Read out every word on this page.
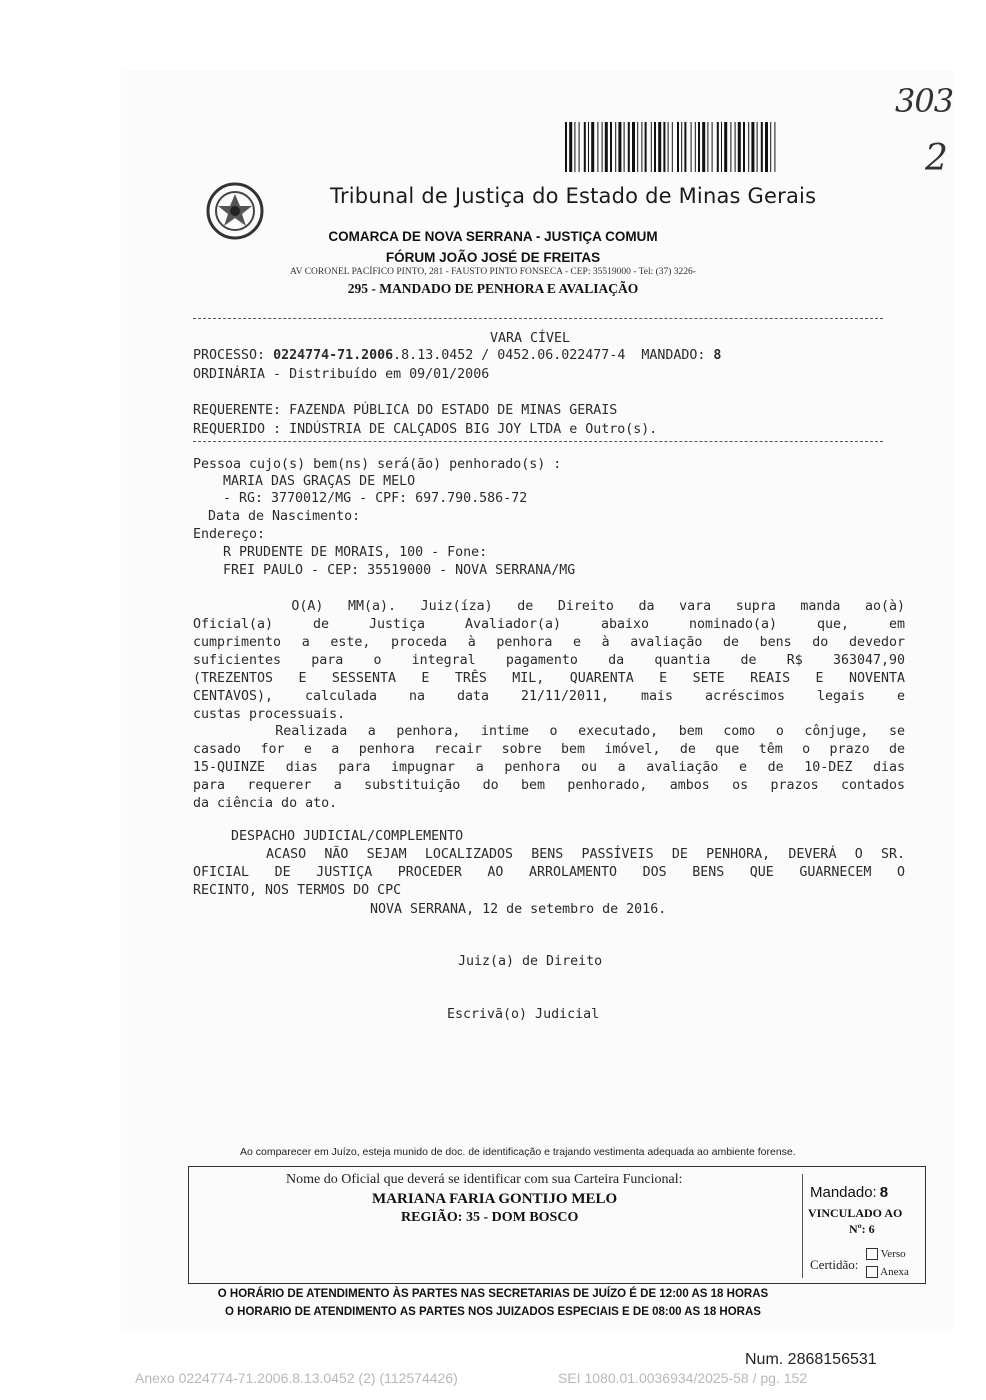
303
2
Tribunal de Justiça do Estado de Minas Gerais
COMARCA DE NOVA SERRANA - JUSTIÇA COMUM
FÓRUM JOÃO JOSÉ DE FREITAS
AV CORONEL PACÍFICO PINTO, 281 - FAUSTO PINTO FONSECA - CEP: 35519000 - Tel: (37) 3226-
295 - MANDADO DE PENHORA E AVALIAÇÃO
VARA CÍVEL
PROCESSO: 0224774-71.2006.8.13.0452 / 0452.06.022477-4 MANDADO: 8
ORDINÁRIA - Distribuído em 09/01/2006
REQUERENTE: FAZENDA PÚBLICA DO ESTADO DE MINAS GERAIS
REQUERIDO : INDÚSTRIA DE CALÇADOS BIG JOY LTDA e Outro(s).
Pessoa cujo(s) bem(ns) será(ão) penhorado(s) :
MARIA DAS GRAÇAS DE MELO
- RG: 3770012/MG - CPF: 697.790.586-72
Data de Nascimento:
Endereço:
R PRUDENTE DE MORAIS, 100 - Fone:
FREI PAULO - CEP: 35519000 - NOVA SERRANA/MG
O(A) MM(a). Juiz(íza) de Direito da vara supra manda ao(à)
Oficial(a) de Justiça Avaliador(a) abaixo nominado(a) que, em
cumprimento a este, proceda à penhora e à avaliação de bens do devedor
suficientes para o integral pagamento da quantia de R$ 363047,90
(TREZENTOS E SESSENTA E TRÊS MIL, QUARENTA E SETE REAIS E NOVENTA
CENTAVOS), calculada na data 21/11/2011, mais acréscimos legais e
custas processuais.
Realizada a penhora, intime o executado, bem como o cônjuge, se
casado for e a penhora recair sobre bem imóvel, de que têm o prazo de
15-QUINZE dias para impugnar a penhora ou a avaliação e de 10-DEZ dias
para requerer a substituição do bem penhorado, ambos os prazos contados
da ciência do ato.
DESPACHO JUDICIAL/COMPLEMENTO
ACASO NÃO SEJAM LOCALIZADOS BENS PASSÍVEIS DE PENHORA, DEVERÁ O SR.
OFICIAL DE JUSTIÇA PROCEDER AO ARROLAMENTO DOS BENS QUE GUARNECEM O
RECINTO, NOS TERMOS DO CPC
NOVA SERRANA, 12 de setembro de 2016.
Juiz(a) de Direito
Escrivã(o) Judicial
Ao comparecer em Juízo, esteja munido de doc. de identificação e trajando vestimenta adequada ao ambiente forense.
Nome do Oficial que deverá se identificar com sua Carteira Funcional:
MARIANA FARIA GONTIJO MELO
REGIÃO: 35 - DOM BOSCO
Mandado: 8
VINCULADO AO
Nº: 6
Certidão:
Verso
Anexa
O HORÁRIO DE ATENDIMENTO ÀS PARTES NAS SECRETARIAS DE JUÍZO É DE 12:00 AS 18 HORAS
O HORÁRIO DE ATENDIMENTO ÀS PARTES NOS JUIZADOS ESPECIAIS É DE 08:00 AS 18 HORAS
Num. 2868156531
Anexo 0224774-71.2006.8.13.0452 (2) (112574426)	SEI 1080.01.0036934/2025-58 / pg. 152
